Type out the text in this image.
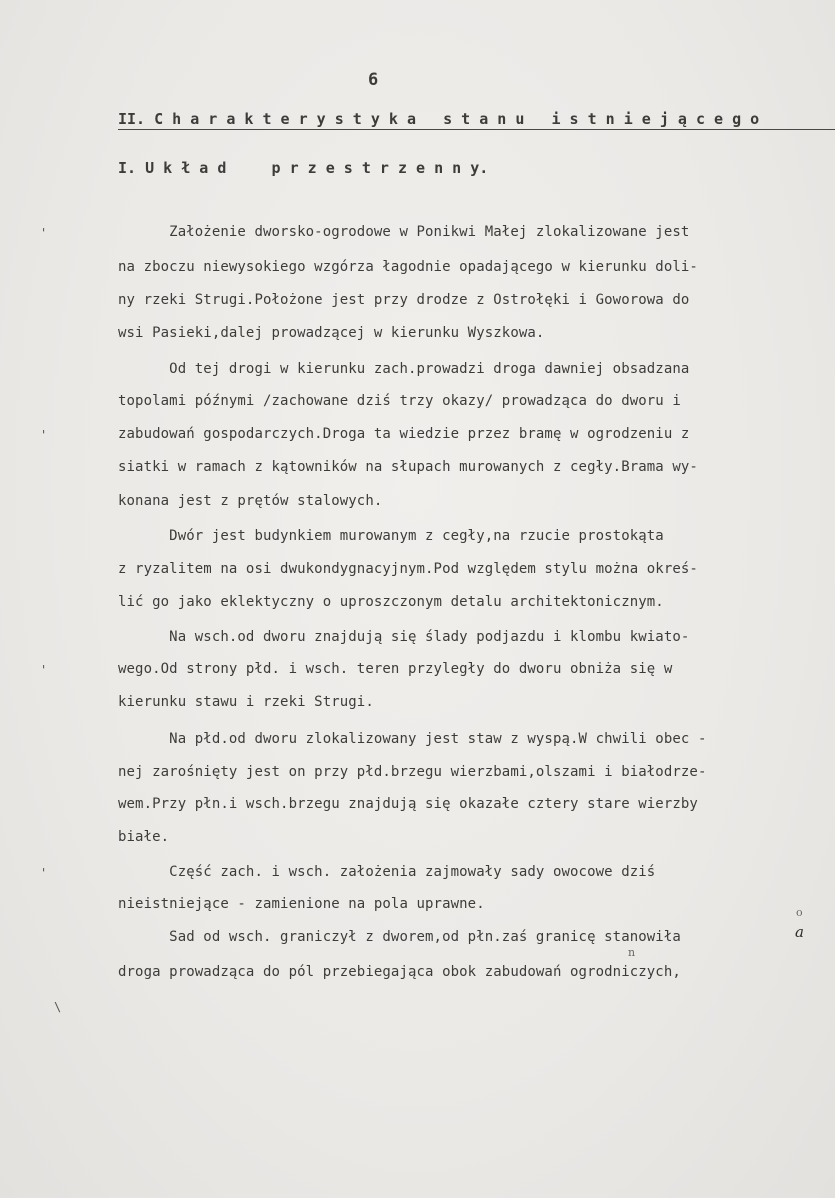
6
II. C h a r a k t e r y s t y k a   s t a n u   i s t n i e j ą c e g o
I. U k ł a d     p r z e s t r z e n n y.
Założenie dworsko-ogrodowe w Ponikwi Małej zlokalizowane jest
na zboczu niewysokiego wzgórza łagodnie opadającego w kierunku doli-
ny rzeki Strugi.Położone jest przy drodze z Ostrołęki i Goworowa do
wsi Pasieki,dalej prowadzącej w kierunku Wyszkowa.
Od tej drogi w kierunku zach.prowadzi droga dawniej obsadzana
topolami późnymi /zachowane dziś trzy okazy/ prowadząca do dworu i
zabudowań gospodarczych.Droga ta wiedzie przez bramę w ogrodzeniu z
siatki w ramach z kątowników na słupach murowanych z cegły.Brama wy-
konana jest z prętów stalowych.
Dwór jest budynkiem murowanym z cegły,na rzucie prostokąta
z ryzalitem na osi dwukondygnacyjnym.Pod względem stylu można okreś-
lić go jako eklektyczny o uproszczonym detalu architektonicznym.
Na wsch.od dworu znajdują się ślady podjazdu i klombu kwiato-
wego.Od strony płd. i wsch. teren przyległy do dworu obniża się w
kierunku stawu i rzeki Strugi.
Na płd.od dworu zlokalizowany jest staw z wyspą.W chwili obec -
nej zarośnięty jest on przy płd.brzegu wierzbami,olszami i białodrze-
wem.Przy płn.i wsch.brzegu znajdują się okazałe cztery stare wierzby
białe.
Część zach. i wsch. założenia zajmowały sady owocowe dziś
nieistniejące - zamienione na pola uprawne.
Sad od wsch. graniczył z dworem,od płn.zaś granicę stanowiła
droga prowadząca do pól przebiegająca obok zabudowań ogrodniczych,
a
n
o
'
'
'
'
\
